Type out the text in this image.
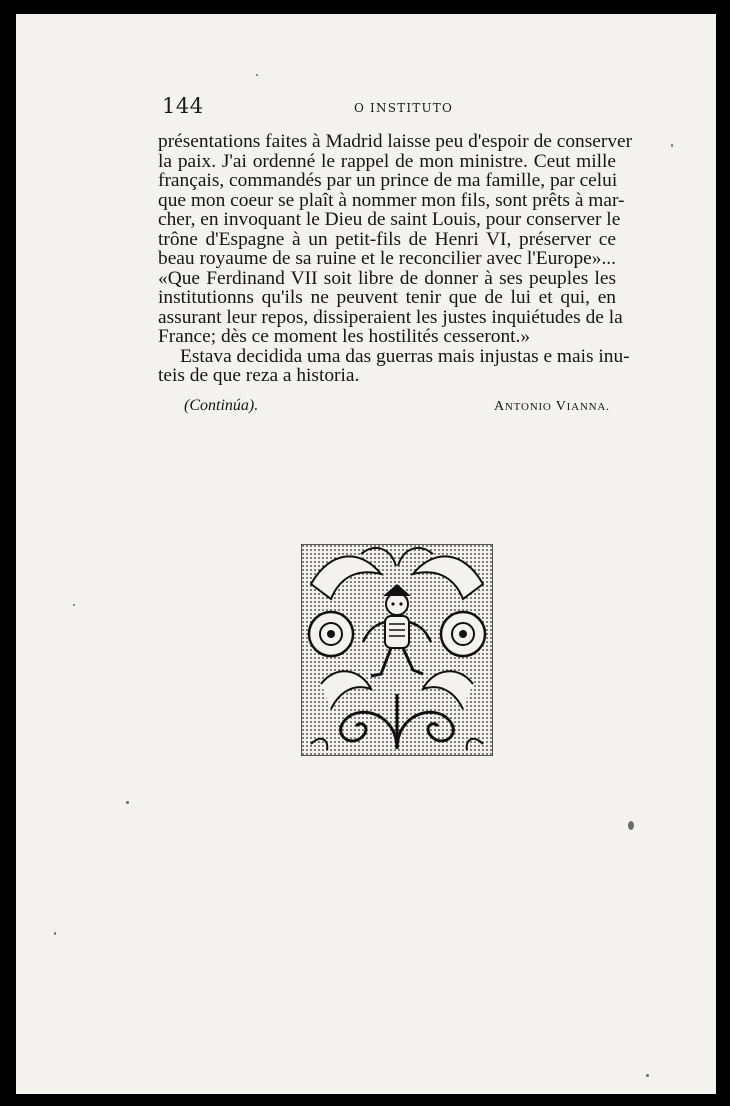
144	O INSTITUTO
présentations faites à Madrid laisse peu d'espoir de conserver
la paix. J'ai ordenné le rappel de mon ministre. Ceut mille
français, commandés par un prince de ma famille, par celui
que mon coeur se plaît à nommer mon fils, sont prêts à mar-
cher, en invoquant le Dieu de saint Louis, pour conserver le
trône d'Espagne à un petit-fils de Henri VI, préserver ce
beau royaume de sa ruine et le reconcilier avec l'Europe»...
«Que Ferdinand VII soit libre de donner à ses peuples les
institutionns qu'ils ne peuvent tenir que de lui et qui, en
assurant leur repos, dissiperaient les justes inquiétudes de la
France; dès ce moment les hostilités cesseront.»
Estava decidida uma das guerras mais injustas e mais inu-
teis de que reza a historia.
(Continúa).	ANTONIO VIANNA.
